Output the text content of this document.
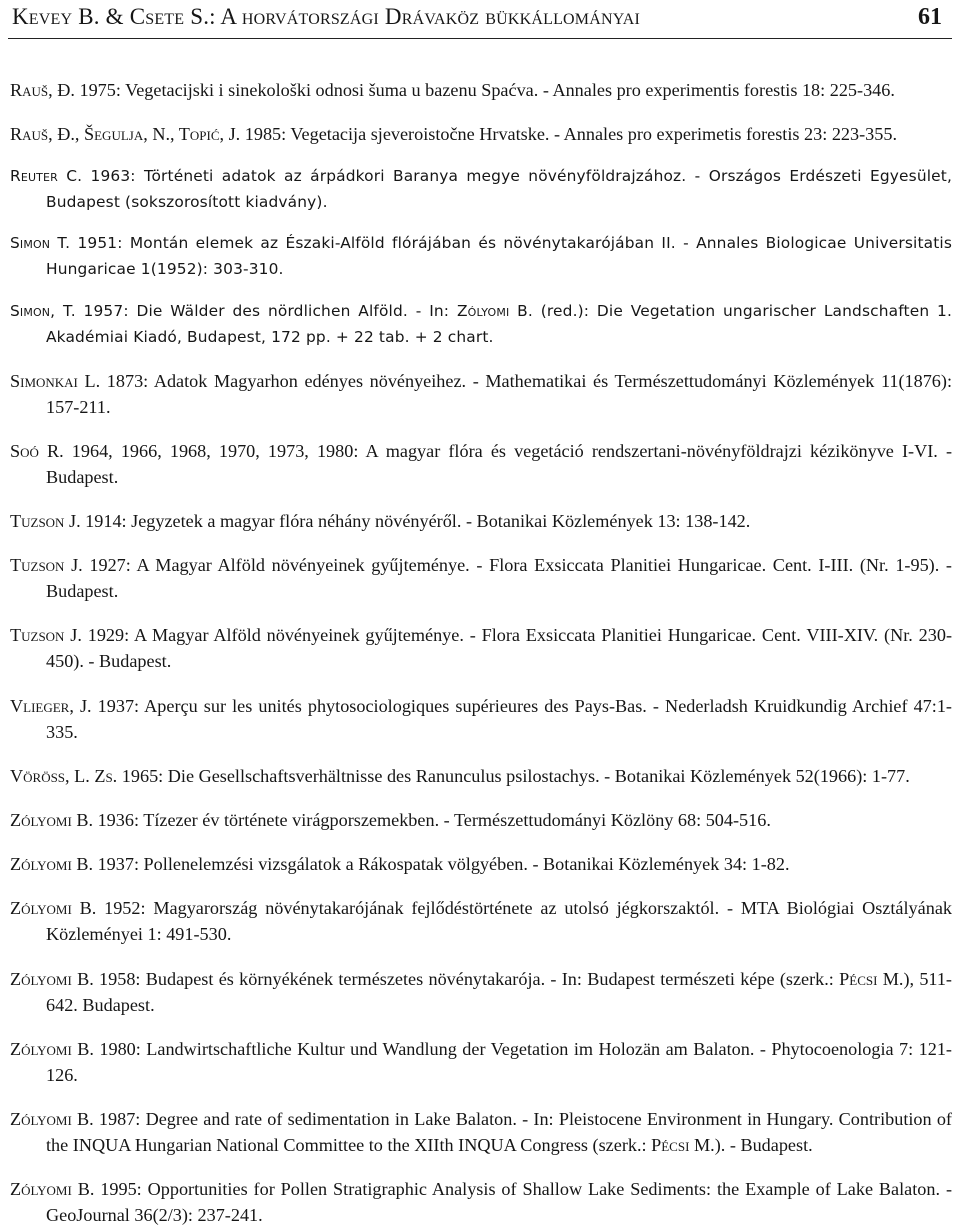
Kevey B. & Csete S.: A horvátországi Drávaköz bükkállományai	61

Rauš, Đ. 1975: Vegetacijski i sinekološki odnosi šuma u bazenu Spaćva. - Annales pro experimentis forestis 18: 225-346.

Rauš, Đ., Šegulja, N., Topić, J. 1985: Vegetacija sjeveroistočne Hrvatske. - Annales pro experimetis forestis 23: 223-355.

Reuter C. 1963: Történeti adatok az árpádkori Baranya megye növényföldrajzához. - Országos Erdészeti Egyesület, Budapest (sokszorosított kiadvány).

Simon T. 1951: Montán elemek az Északi-Alföld flórájában és növénytakarójában II. - Annales Biologicae Universitatis Hungaricae 1(1952): 303-310.

Simon, T. 1957: Die Wälder des nördlichen Alföld. - In: Zólyomi B. (red.): Die Vegetation ungarischer Landschaften 1. Akadémiai Kiadó, Budapest, 172 pp. + 22 tab. + 2 chart.

Simonkai L. 1873: Adatok Magyarhon edényes növényeihez. - Mathematikai és Természettudományi Közlemények 11(1876): 157-211.

Soó R. 1964, 1966, 1968, 1970, 1973, 1980: A magyar flóra és vegetáció rendszertani-növényföldrajzi kézikönyve I-VI. - Budapest.

Tuzson J. 1914: Jegyzetek a magyar flóra néhány növényéről. - Botanikai Közlemények 13: 138-142.

Tuzson J. 1927: A Magyar Alföld növényeinek gyűjteménye. - Flora Exsiccata Planitiei Hungaricae. Cent. I-III. (Nr. 1-95). - Budapest.

Tuzson J. 1929: A Magyar Alföld növényeinek gyűjteménye. - Flora Exsiccata Planitiei Hungaricae. Cent. VIII-XIV. (Nr. 230-450). - Budapest.

Vlieger, J. 1937: Aperçu sur les unités phytosociologiques supérieures des Pays-Bas. - Nederladsh Kruidkundig Archief 47:1- 335.

Vöröss, L. Zs. 1965: Die Gesellschaftsverhältnisse des Ranunculus psilostachys. - Botanikai Közlemények 52(1966): 1-77.

Zólyomi B. 1936: Tízezer év története virágporszemekben. - Természettudományi Közlöny 68: 504-516.

Zólyomi B. 1937: Pollenelemzési vizsgálatok a Rákospatak völgyében. - Botanikai Közlemények 34: 1-82.

Zólyomi B. 1952: Magyarország növénytakarójának fejlődéstörténete az utolsó jégkorszaktól. - MTA Biológiai Osztályának Közleményei 1: 491-530.

Zólyomi B. 1958: Budapest és környékének természetes növénytakarója. - In: Budapest természeti képe (szerk.: Pécsi M.), 511-642. Budapest.

Zólyomi B. 1980: Landwirtschaftliche Kultur und Wandlung der Vegetation im Holozän am Balaton. - Phytocoenologia 7: 121-126.

Zólyomi B. 1987: Degree and rate of sedimentation in Lake Balaton. - In: Pleistocene Environment in Hungary. Contribution of the INQUA Hungarian National Committee to the XIIth INQUA Congress (szerk.: Pécsi M.). - Budapest.

Zólyomi B. 1995: Opportunities for Pollen Stratigraphic Analysis of Shallow Lake Sediments: the Example of Lake Balaton. - GeoJournal 36(2/3): 237-241.
